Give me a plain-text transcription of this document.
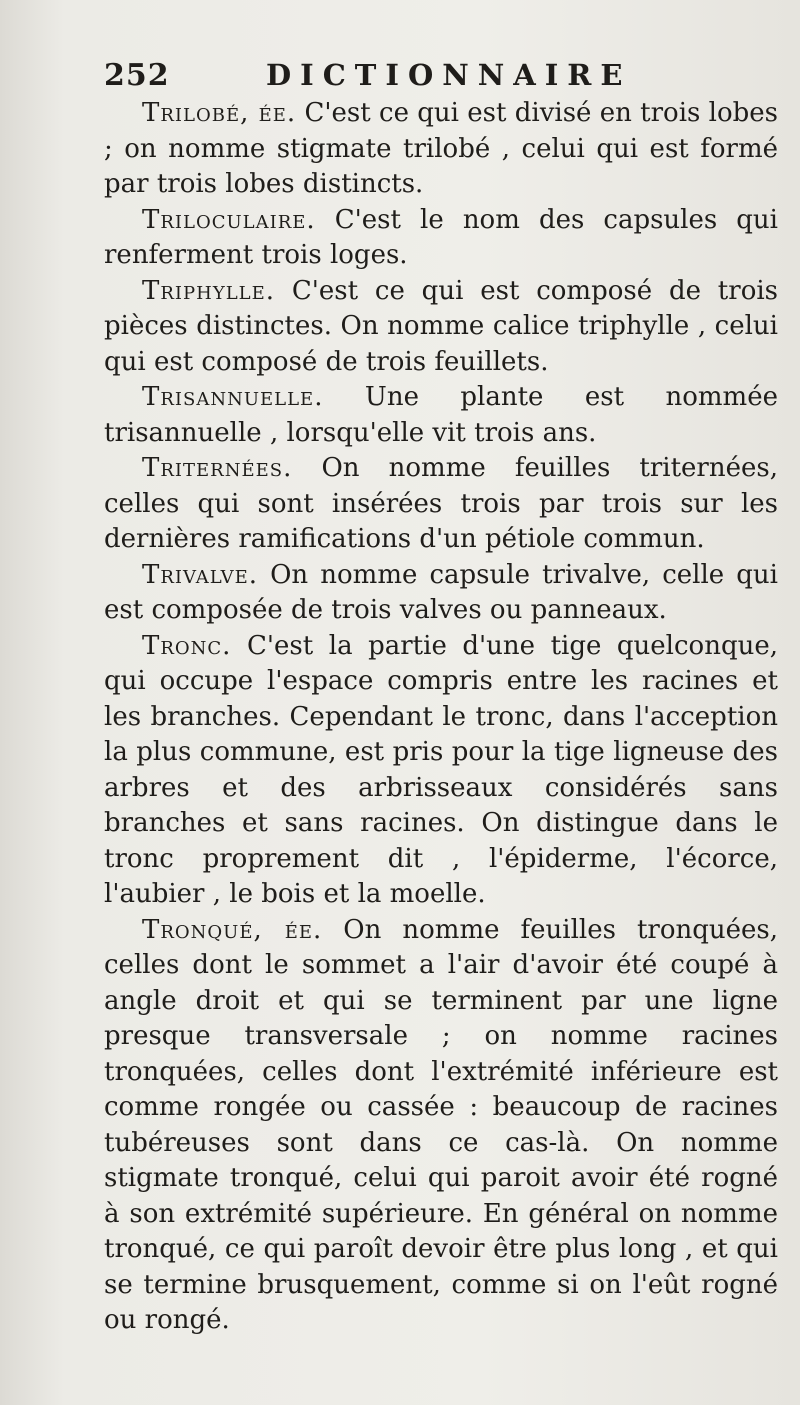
252	DICTIONNAIRE

Trilobé, ée. C'est ce qui est divisé en trois lobes ; on nomme stigmate trilobé , celui qui est formé par trois lobes distincts.

Triloculaire. C'est le nom des capsules qui renferment trois loges.

Triphylle. C'est ce qui est composé de trois pièces distinctes. On nomme calice triphylle , celui qui est composé de trois feuillets.

Trisannuelle. Une plante est nommée trisannuelle , lorsqu'elle vit trois ans.

Triternées. On nomme feuilles triternées, celles qui sont insérées trois par trois sur les dernières ramifications d'un pétiole commun.

Trivalve. On nomme capsule trivalve, celle qui est composée de trois valves ou panneaux.

Tronc. C'est la partie d'une tige quelconque, qui occupe l'espace compris entre les racines et les branches. Cependant le tronc, dans l'acception la plus commune, est pris pour la tige ligneuse des arbres et des arbrisseaux considérés sans branches et sans racines. On distingue dans le tronc proprement dit , l'épiderme, l'écorce, l'aubier , le bois et la moelle.

Tronqué, ée. On nomme feuilles tronquées, celles dont le sommet a l'air d'avoir été coupé à angle droit et qui se terminent par une ligne presque transversale ; on nomme racines tronquées, celles dont l'extrémité inférieure est comme rongée ou cassée : beaucoup de racines tubéreuses sont dans ce cas-là. On nomme stigmate tronqué, celui qui paroit avoir été rogné à son extrémité supérieure. En général on nomme tronqué, ce qui paroît devoir être plus long , et qui se termine brusquement, comme si on l'eût rogné ou rongé.
